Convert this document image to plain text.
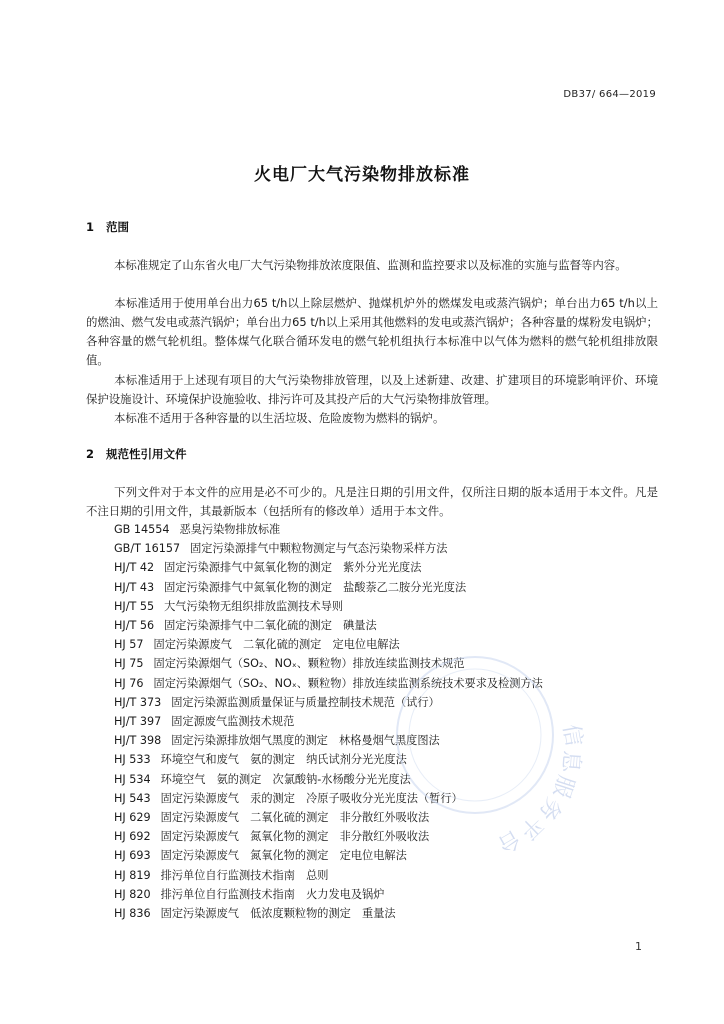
DB37/ 664—2019
火电厂大气污染物排放标准
1 范围
本标准规定了山东省火电厂大气污染物排放浓度限值、监测和监控要求以及标准的实施与监督等内容。
本标准适用于使用单台出力65 t/h以上除层燃炉、抛煤机炉外的燃煤发电或蒸汽锅炉；单台出力65 t/h以上的燃油、燃气发电或蒸汽锅炉；单台出力65 t/h以上采用其他燃料的发电或蒸汽锅炉；各种容量的煤粉发电锅炉；各种容量的燃气轮机组。整体煤气化联合循环发电的燃气轮机组执行本标准中以气体为燃料的燃气轮机组排放限值。
本标准适用于上述现有项目的大气污染物排放管理，以及上述新建、改建、扩建项目的环境影响评价、环境保护设施设计、环境保护设施验收、排污许可及其投产后的大气污染物排放管理。
本标准不适用于各种容量的以生活垃圾、危险废物为燃料的锅炉。
2 规范性引用文件
下列文件对于本文件的应用是必不可少的。凡是注日期的引用文件，仅所注日期的版本适用于本文件。凡是不注日期的引用文件，其最新版本（包括所有的修改单）适用于本文件。
GB 14554 恶臭污染物排放标准
GB/T 16157 固定污染源排气中颗粒物测定与气态污染物采样方法
HJ/T 42 固定污染源排气中氮氧化物的测定　紫外分光光度法
HJ/T 43 固定污染源排气中氮氧化物的测定　盐酸萘乙二胺分光光度法
HJ/T 55 大气污染物无组织排放监测技术导则
HJ/T 56 固定污染源排气中二氧化硫的测定　碘量法
HJ 57 固定污染源废气　二氧化硫的测定　定电位电解法
HJ 75 固定污染源烟气（SO₂、NOₓ、颗粒物）排放连续监测技术规范
HJ 76 固定污染源烟气（SO₂、NOₓ、颗粒物）排放连续监测系统技术要求及检测方法
HJ/T 373 固定污染源监测质量保证与质量控制技术规范（试行）
HJ/T 397 固定源废气监测技术规范
HJ/T 398 固定污染源排放烟气黑度的测定　林格曼烟气黑度图法
HJ 533 环境空气和废气　氨的测定　纳氏试剂分光光度法
HJ 534 环境空气　氨的测定　次氯酸钠-水杨酸分光光度法
HJ 543 固定污染源废气　汞的测定　冷原子吸收分光光度法（暂行）
HJ 629 固定污染源废气　二氧化硫的测定　非分散红外吸收法
HJ 692 固定污染源废气　氮氧化物的测定　非分散红外吸收法
HJ 693 固定污染源废气　氮氧化物的测定　定电位电解法
HJ 819 排污单位自行监测技术指南　总则
HJ 820 排污单位自行监测技术指南　火力发电及锅炉
HJ 836 固定污染源废气　低浓度颗粒物的测定　重量法
信
息
服
务
平
台
1
